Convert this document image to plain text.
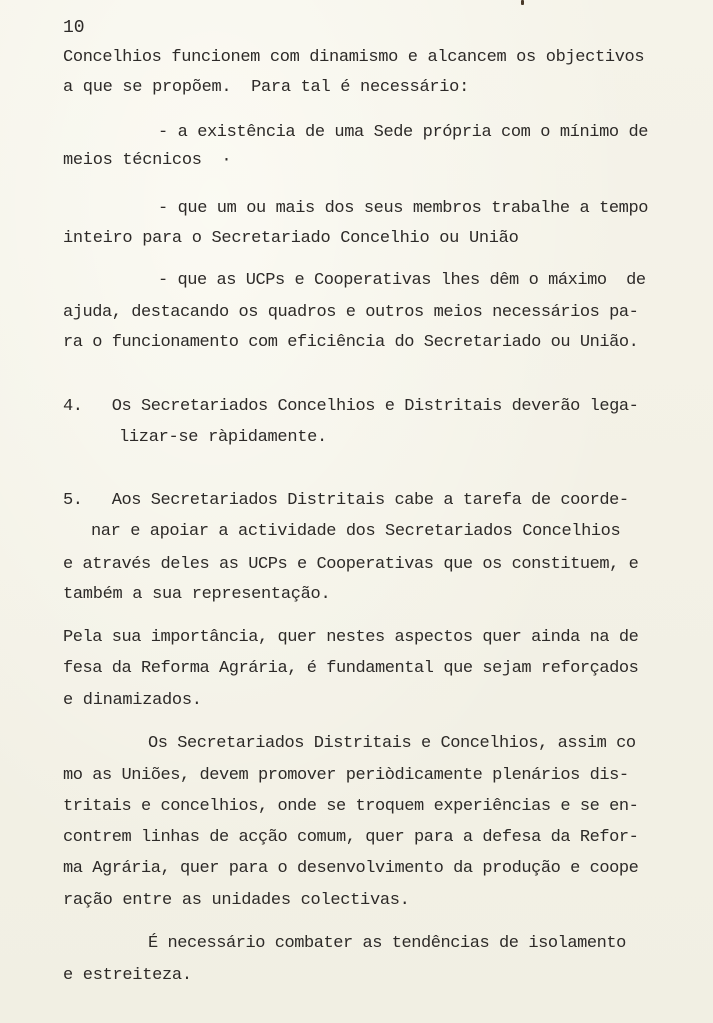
10
Concelhios funcionem com dinamismo e alcancem os objectivos
a que se propõem.  Para tal é necessário:
- a existência de uma Sede própria com o mínimo de
meios técnicos  ·
- que um ou mais dos seus membros trabalhe a tempo
inteiro para o Secretariado Concelhio ou União
- que as UCPs e Cooperativas lhes dêm o máximo  de
ajuda, destacando os quadros e outros meios necessários pa-
ra o funcionamento com eficiência do Secretariado ou União.
4.   Os Secretariados Concelhios e Distritais deverão lega-
lizar-se ràpidamente.
5.   Aos Secretariados Distritais cabe a tarefa de coorde-
nar e apoiar a actividade dos Secretariados Concelhios
e através deles as UCPs e Cooperativas que os constituem, e
também a sua representação.
Pela sua importância, quer nestes aspectos quer ainda na de
fesa da Reforma Agrária, é fundamental que sejam reforçados
e dinamizados.
Os Secretariados Distritais e Concelhios, assim co
mo as Uniões, devem promover periòdicamente plenários dis-
tritais e concelhios, onde se troquem experiências e se en-
contrem linhas de acção comum, quer para a defesa da Refor-
ma Agrária, quer para o desenvolvimento da produção e coope
ração entre as unidades colectivas.
É necessário combater as tendências de isolamento
e estreiteza.
